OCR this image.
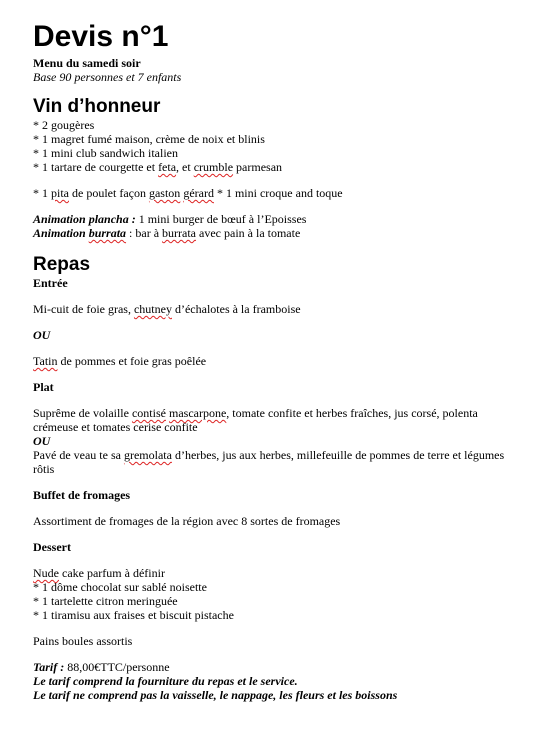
Devis n°1

Menu du samedi soir

Base 90 personnes et 7 enfants

Vin d’honneur

* 2 gougères

* 1 magret fumé maison, crème de noix et blinis

* 1 mini club sandwich italien

* 1 tartare de courgette et feta, et crumble parmesan

* 1 pita de poulet façon gaston gérard * 1 mini croque and toque

Animation plancha : 1 mini burger de bœuf à l’Epoisses

Animation burrata : bar à burrata avec pain à la tomate

Repas

Entrée

Mi-cuit de foie gras, chutney d’échalotes à la framboise

OU

Tatin de pommes et foie gras poêlée

Plat

Suprême de volaille contisé mascarpone, tomate confite et herbes fraîches, jus corsé, polenta crémeuse et tomates cerise confite

OU

Pavé de veau te sa gremolata d’herbes, jus aux herbes, millefeuille de pommes de terre et légumes rôtis

Buffet de fromages

Assortiment de fromages de la région avec 8 sortes de fromages

Dessert

Nude cake parfum à définir

* 1 dôme chocolat sur sablé noisette

* 1 tartelette citron meringuée

* 1 tiramisu aux fraises et biscuit pistache

Pains boules assortis

Tarif : 88,00€TTC/personne

Le tarif comprend la fourniture du repas et le service.

Le tarif ne comprend pas la vaisselle, le nappage, les fleurs et les boissons
